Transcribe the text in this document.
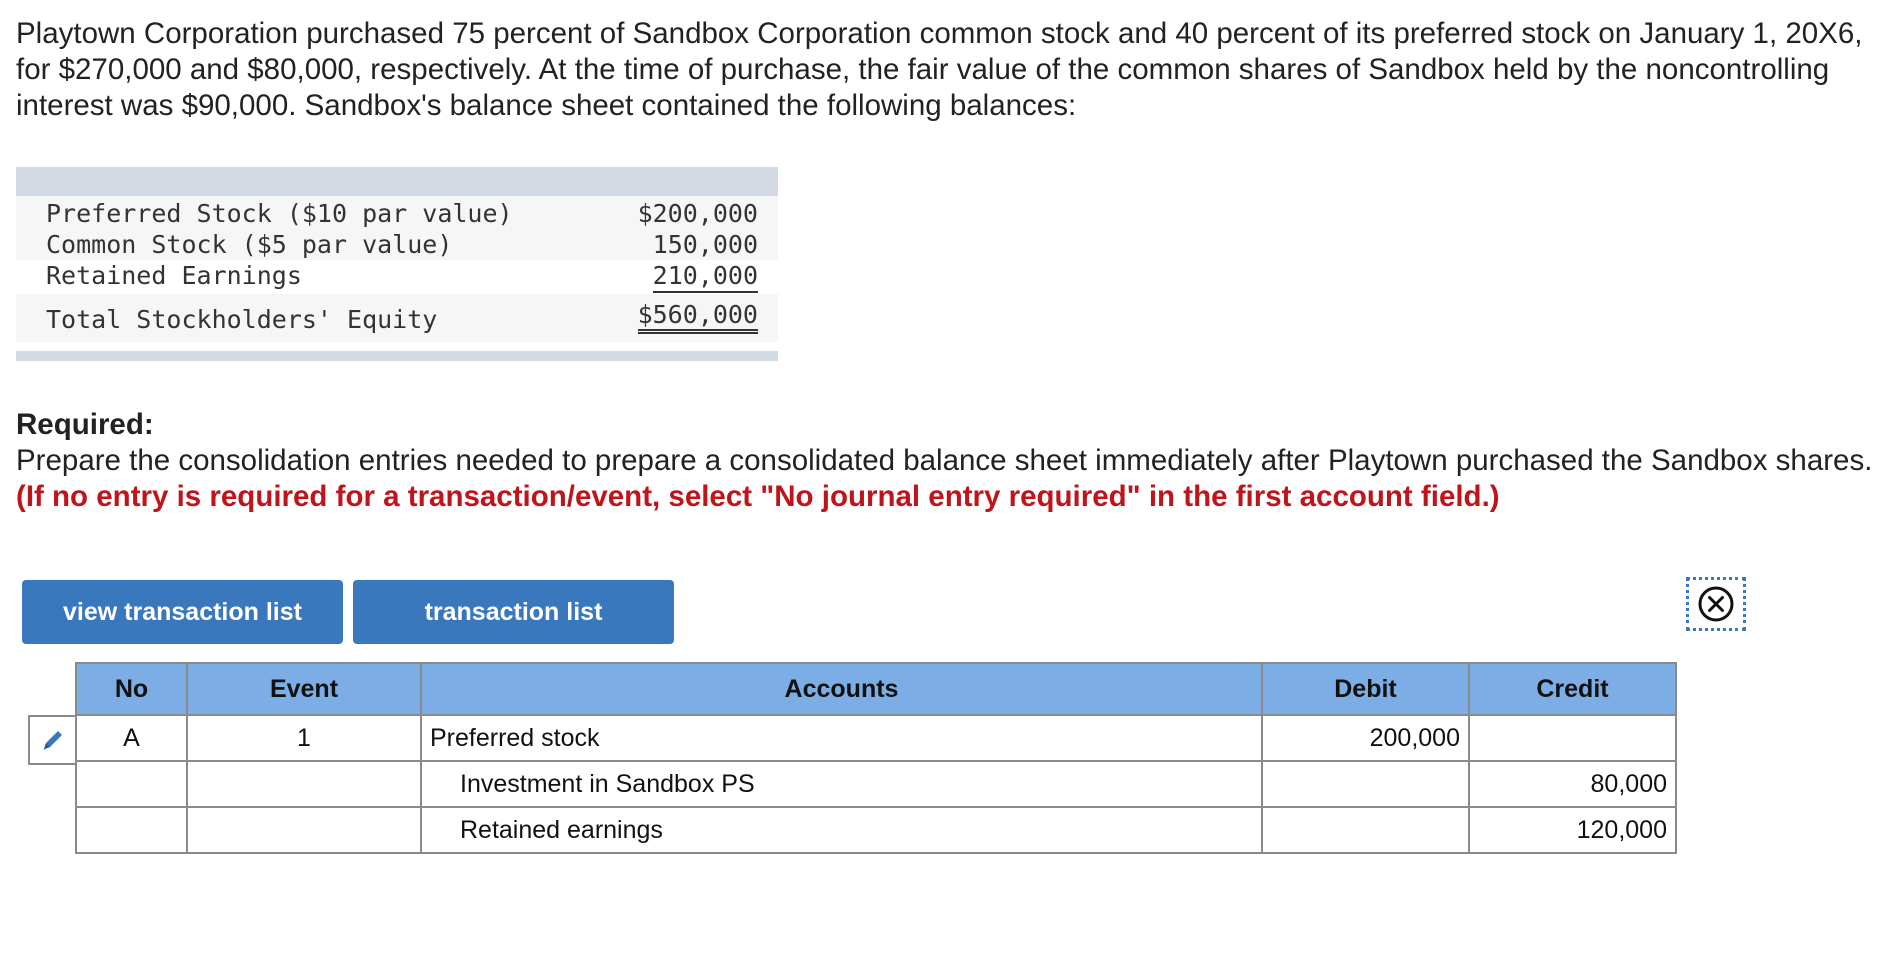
Playtown Corporation purchased 75 percent of Sandbox Corporation common stock and 40 percent of its preferred stock on January 1, 20X6, for $270,000 and $80,000, respectively. At the time of purchase, the fair value of the common shares of Sandbox held by the noncontrolling interest was $90,000. Sandbox's balance sheet contained the following balances:

Preferred Stock ($10 par value)	$200,000
Common Stock ($5 par value)	150,000
Retained Earnings	210,000
Total Stockholders' Equity	$560,000
Required:
Prepare the consolidation entries needed to prepare a consolidated balance sheet immediately after Playtown purchased the Sandbox shares. (If no entry is required for a transaction/event, select "No journal entry required" in the first account field.)
view transaction list	transaction list
No	Event	Accounts	Debit	Credit
A	1	Preferred stock	200,000	
		Investment in Sandbox PS		80,000
		Retained earnings		120,000
